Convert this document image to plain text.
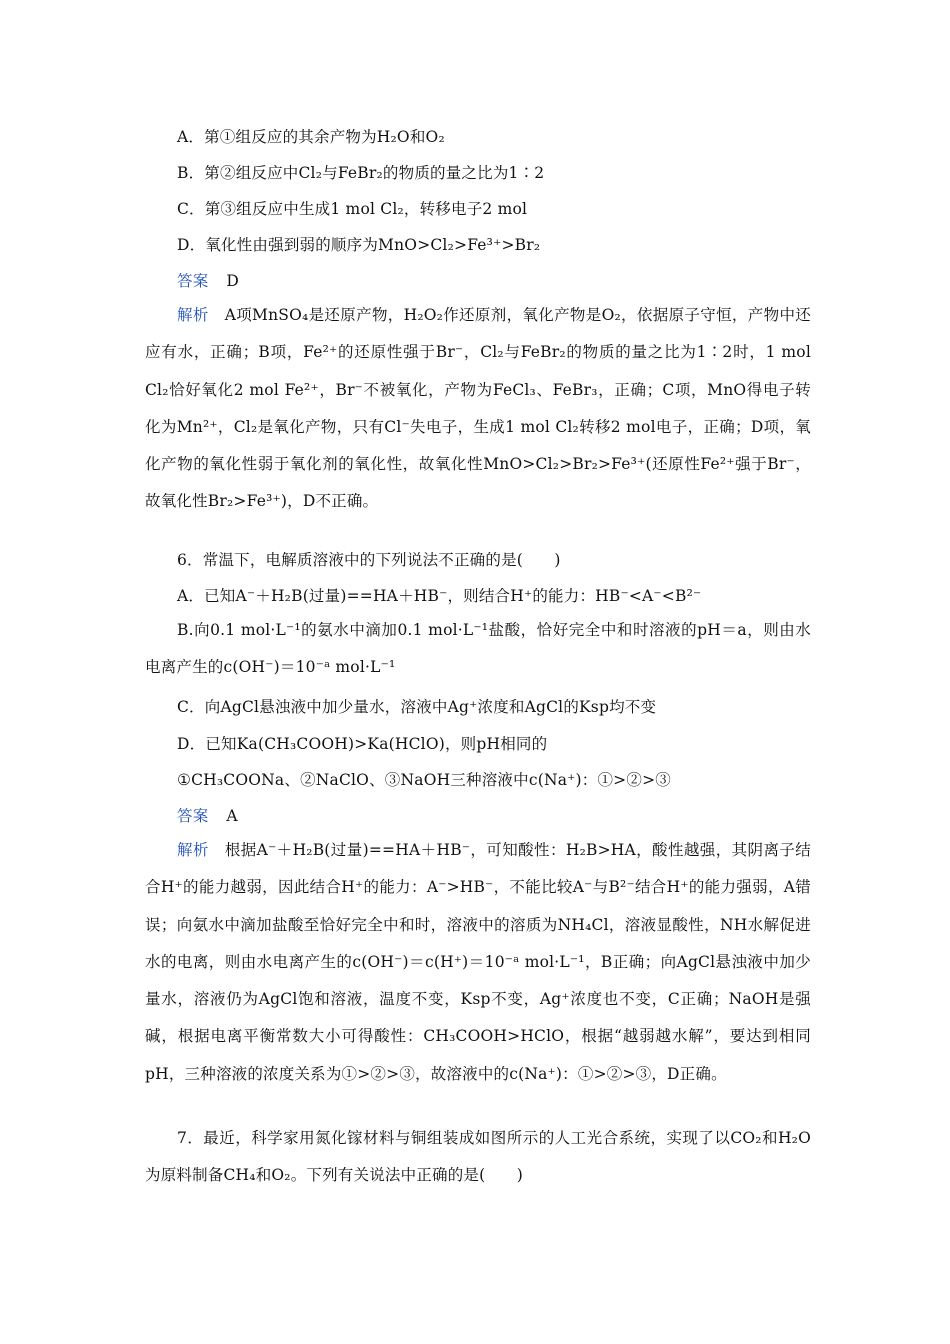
A．第①组反应的其余产物为H₂O和O₂
B．第②组反应中Cl₂与FeBr₂的物质的量之比为1∶2
C．第③组反应中生成1 mol Cl₂，转移电子2 mol
D．氧化性由强到弱的顺序为MnO>Cl₂>Fe³⁺>Br₂
答案 D
解析 A项MnSO₄是还原产物，H₂O₂作还原剂，氧化产物是O₂，依据原子守恒，产物中还应有水，正确；B项，Fe²⁺的还原性强于Br⁻，Cl₂与FeBr₂的物质的量之比为1∶2时，1 mol Cl₂恰好氧化2 mol Fe²⁺，Br⁻不被氧化，产物为FeCl₃、FeBr₃，正确；C项，MnO得电子转化为Mn²⁺，Cl₂是氧化产物，只有Cl⁻失电子，生成1 mol Cl₂转移2 mol电子，正确；D项，氧化产物的氧化性弱于氧化剂的氧化性，故氧化性MnO>Cl₂>Br₂>Fe³⁺(还原性Fe²⁺强于Br⁻，故氧化性Br₂>Fe³⁺)，D不正确。
6．常温下，电解质溶液中的下列说法不正确的是(　　)
A．已知A⁻＋H₂B(过量)==HA＋HB⁻，则结合H⁺的能力：HB⁻<A⁻<B²⁻
B.向0.1 mol·L⁻¹的氨水中滴加0.1 mol·L⁻¹盐酸，恰好完全中和时溶液的pH＝a，则由水电离产生的c(OH⁻)＝10⁻ᵃ mol·L⁻¹
C．向AgCl悬浊液中加少量水，溶液中Ag⁺浓度和AgCl的Ksp均不变
D．已知Ka(CH₃COOH)>Ka(HClO)，则pH相同的
①CH₃COONa、②NaClO、③NaOH三种溶液中c(Na⁺)：①>②>③
答案 A
解析 根据A⁻＋H₂B(过量)==HA＋HB⁻，可知酸性：H₂B>HA，酸性越强，其阴离子结合H⁺的能力越弱，因此结合H⁺的能力：A⁻>HB⁻，不能比较A⁻与B²⁻结合H⁺的能力强弱，A错误；向氨水中滴加盐酸至恰好完全中和时，溶液中的溶质为NH₄Cl，溶液显酸性，NH水解促进水的电离，则由水电离产生的c(OH⁻)＝c(H⁺)＝10⁻ᵃ mol·L⁻¹，B正确；向AgCl悬浊液中加少量水，溶液仍为AgCl饱和溶液，温度不变，Ksp不变，Ag⁺浓度也不变，C正确；NaOH是强碱，根据电离平衡常数大小可得酸性：CH₃COOH>HClO，根据“越弱越水解”，要达到相同pH，三种溶液的浓度关系为①>②>③，故溶液中的c(Na⁺)：①>②>③，D正确。
7．最近，科学家用氮化镓材料与铜组装成如图所示的人工光合系统，实现了以CO₂和H₂O为原料制备CH₄和O₂。下列有关说法中正确的是(　　)
